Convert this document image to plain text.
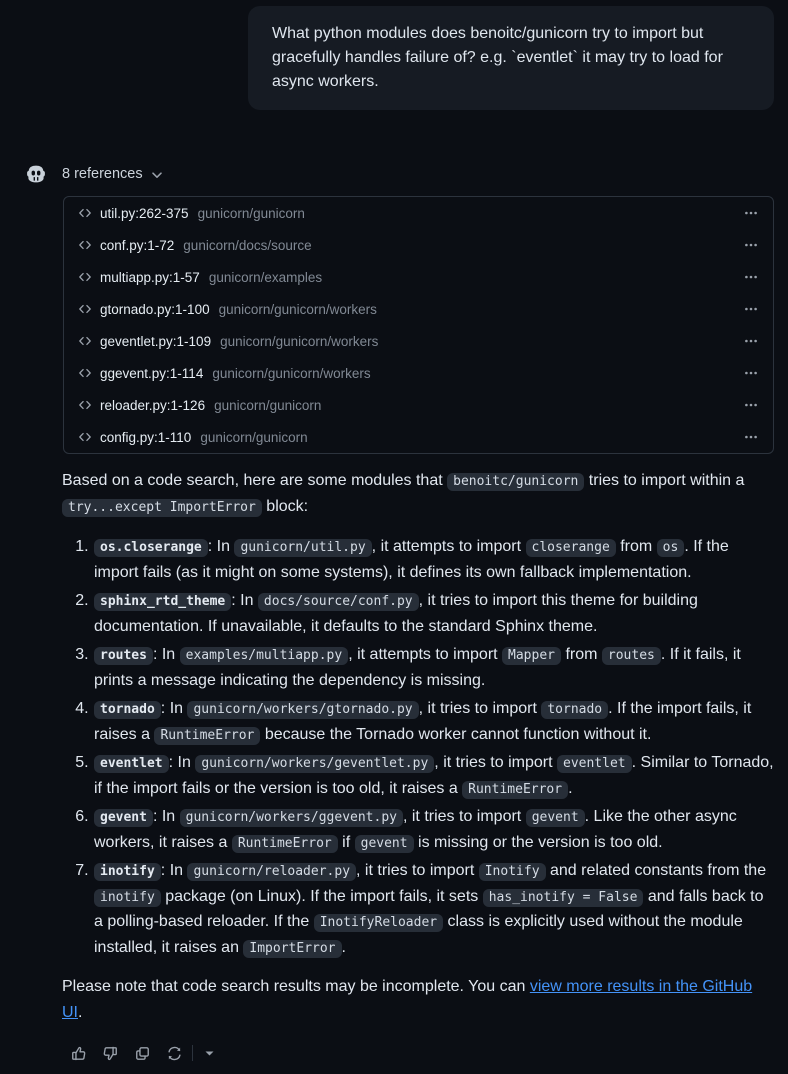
What python modules does benoitc/gunicorn try to import but gracefully handles failure of? e.g. `eventlet` it may try to load for async workers.
8 references
util.py:262-375 gunicorn/gunicorn
conf.py:1-72 gunicorn/docs/source
multiapp.py:1-57 gunicorn/examples
gtornado.py:1-100 gunicorn/gunicorn/workers
geventlet.py:1-109 gunicorn/gunicorn/workers
ggevent.py:1-114 gunicorn/gunicorn/workers
reloader.py:1-126 gunicorn/gunicorn
config.py:1-110 gunicorn/gunicorn

Based on a code search, here are some modules that benoitc/gunicorn tries to import within a try...except ImportError block:

1. os.closerange : In gunicorn/util.py , it attempts to import closerange from os . If the import fails (as it might on some systems), it defines its own fallback implementation.
2. sphinx_rtd_theme : In docs/source/conf.py , it tries to import this theme for building documentation. If unavailable, it defaults to the standard Sphinx theme.
3. routes : In examples/multiapp.py , it attempts to import Mapper from routes . If it fails, it prints a message indicating the dependency is missing.
4. tornado : In gunicorn/workers/gtornado.py , it tries to import tornado . If the import fails, it raises a RuntimeError because the Tornado worker cannot function without it.
5. eventlet : In gunicorn/workers/geventlet.py , it tries to import eventlet . Similar to Tornado, if the import fails or the version is too old, it raises a RuntimeError .
6. gevent : In gunicorn/workers/ggevent.py , it tries to import gevent . Like the other async workers, it raises a RuntimeError if gevent is missing or the version is too old.
7. inotify : In gunicorn/reloader.py , it tries to import Inotify and related constants from the inotify package (on Linux). If the import fails, it sets has_inotify = False and falls back to a polling-based reloader. If the InotifyReloader class is explicitly used without the module installed, it raises an ImportError .

Please note that code search results may be incomplete. You can view more results in the GitHub UI.
